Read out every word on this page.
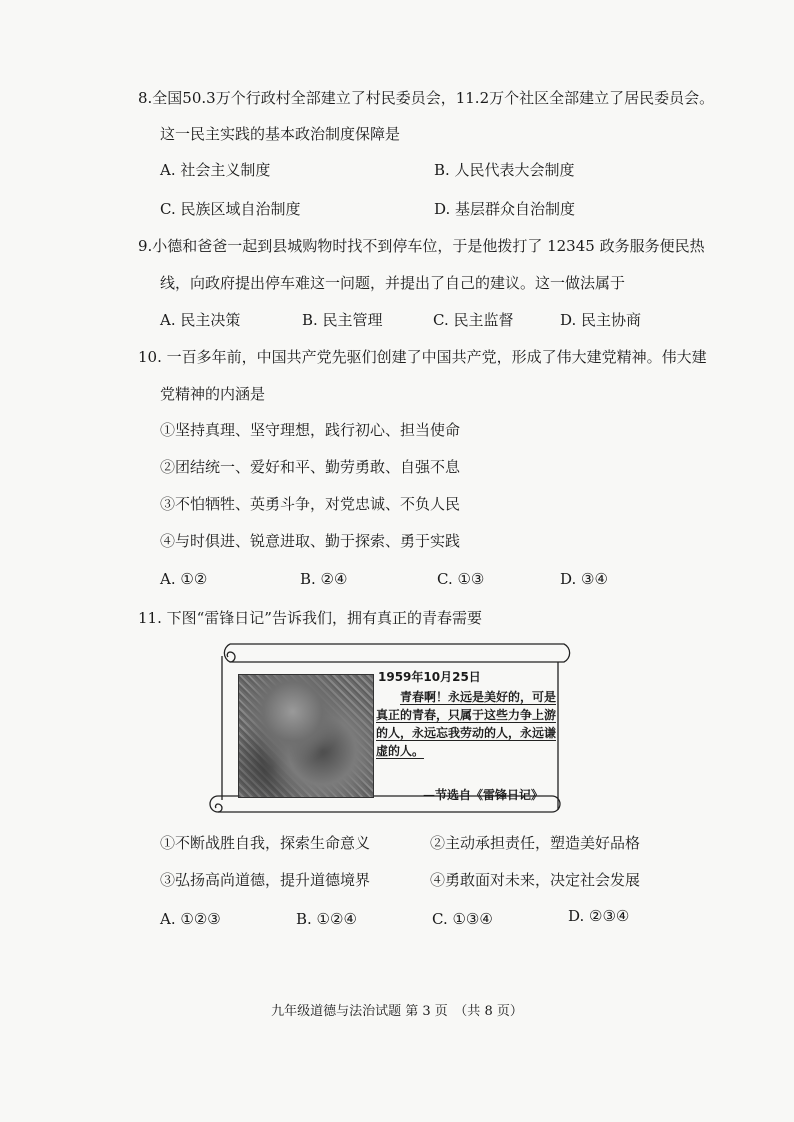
8.全国50.3万个行政村全部建立了村民委员会，11.2万个社区全部建立了居民委员会。
这一民主实践的基本政治制度保障是
A. 社会主义制度	B. 人民代表大会制度
C. 民族区域自治制度	D. 基层群众自治制度
9.小德和爸爸一起到县城购物时找不到停车位，于是他拨打了 12345 政务服务便民热
线，向政府提出停车难这一问题，并提出了自己的建议。这一做法属于
A. 民主决策	B. 民主管理	C. 民主监督	D. 民主协商
10. 一百多年前，中国共产党先驱们创建了中国共产党，形成了伟大建党精神。伟大建
党精神的内涵是
①坚持真理、坚守理想，践行初心、担当使命
②团结统一、爱好和平、勤劳勇敢、自强不息
③不怕牺牲、英勇斗争，对党忠诚、不负人民
④与时俱进、锐意进取、勤于探索、勇于实践
A. ①②	B. ②④	C. ①③	D. ③④
11. 下图“雷锋日记”告诉我们，拥有真正的青春需要
1959年10月25日
青春啊！永远是美好的，可是真正的青春，只属于这些力争上游的人，永远忘我劳动的人，永远谦虚的人。
—节选自《雷锋日记》
①不断战胜自我，探索生命意义	②主动承担责任，塑造美好品格
③弘扬高尚道德，提升道德境界	④勇敢面对未来，决定社会发展
A. ①②③	B. ①②④	C. ①③④	D. ②③④
九年级道德与法治试题 第 3 页　（共 8 页）
